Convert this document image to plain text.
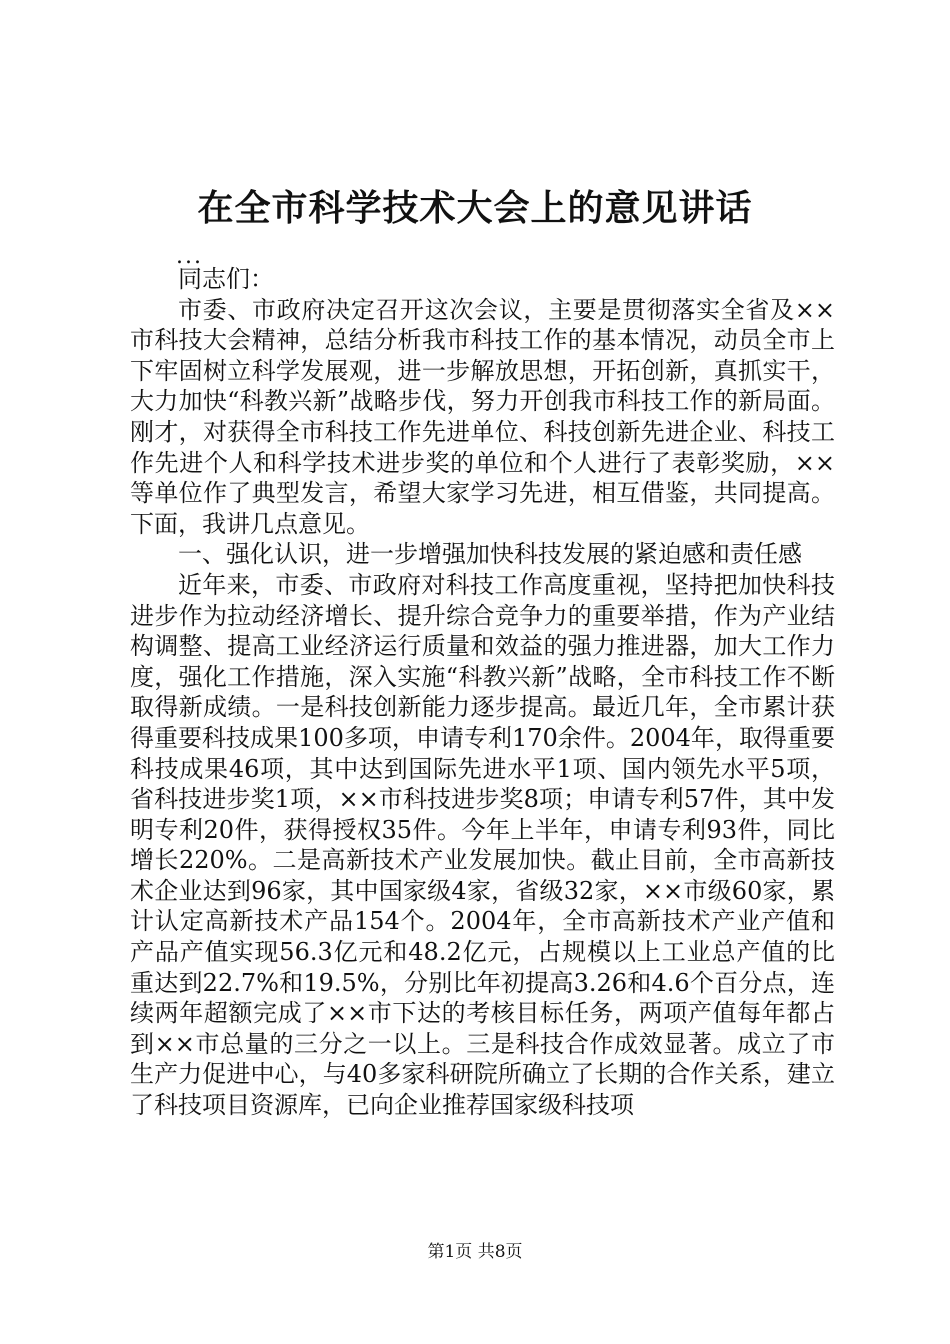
在全市科学技术大会上的意见讲话
...

同志们：

市委、市政府决定召开这次会议，主要是贯彻落实全省及××市科技大会精神，总结分析我市科技工作的基本情况，动员全市上下牢固树立科学发展观，进一步解放思想，开拓创新，真抓实干，大力加快“科教兴新”战略步伐，努力开创我市科技工作的新局面。刚才，对获得全市科技工作先进单位、科技创新先进企业、科技工作先进个人和科学技术进步奖的单位和个人进行了表彰奖励，××等单位作了典型发言，希望大家学习先进，相互借鉴，共同提高。下面，我讲几点意见。

一、强化认识，进一步增强加快科技发展的紧迫感和责任感

近年来，市委、市政府对科技工作高度重视，坚持把加快科技进步作为拉动经济增长、提升综合竞争力的重要举措，作为产业结构调整、提高工业经济运行质量和效益的强力推进器，加大工作力度，强化工作措施，深入实施“科教兴新”战略，全市科技工作不断取得新成绩。一是科技创新能力逐步提高。最近几年，全市累计获得重要科技成果100多项，申请专利170余件。2004年，取得重要科技成果46项，其中达到国际先进水平1项、国内领先水平5项，省科技进步奖1项，××市科技进步奖8项；申请专利57件，其中发明专利20件，获得授权35件。今年上半年，申请专利93件，同比增长220%。二是高新技术产业发展加快。截止目前，全市高新技术企业达到96家，其中国家级4家，省级32家，××市级60家，累计认定高新技术产品154个。2004年，全市高新技术产业产值和产品产值实现56.3亿元和48.2亿元，占规模以上工业总产值的比重达到22.7%和19.5%，分别比年初提高3.26和4.6个百分点，连续两年超额完成了××市下达的考核目标任务，两项产值每年都占到××市总量的三分之一以上。三是科技合作成效显著。成立了市生产力促进中心，与40多家科研院所确立了长期的合作关系，建立了科技项目资源库，已向企业推荐国家级科技项

第1页 共8页
